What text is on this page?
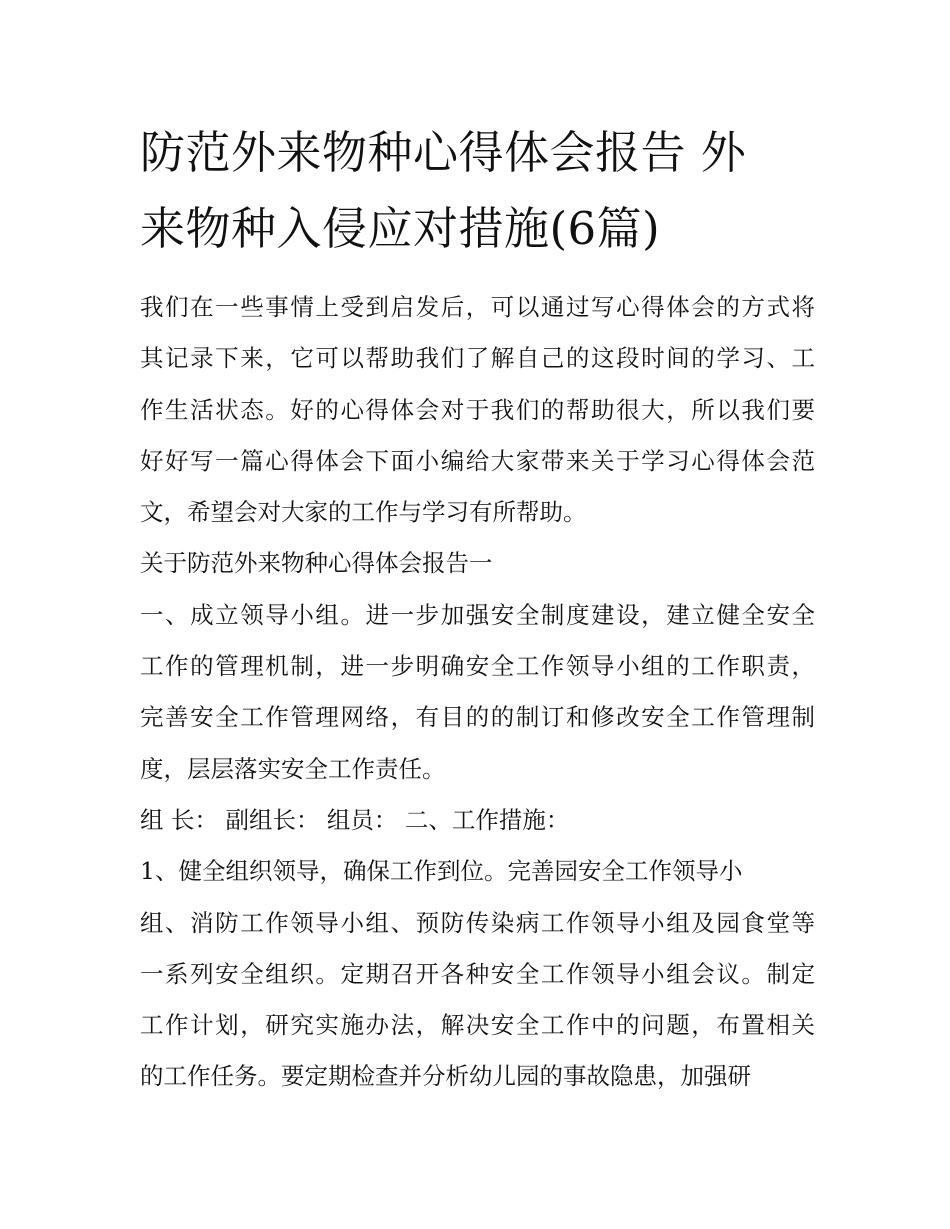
防范外来物种心得体会报告 外
来物种入侵应对措施(6篇)
我们在一些事情上受到启发后，可以通过写心得体会的方式将
其记录下来，它可以帮助我们了解自己的这段时间的学习、工
作生活状态。好的心得体会对于我们的帮助很大，所以我们要
好好写一篇心得体会下面小编给大家带来关于学习心得体会范
文，希望会对大家的工作与学习有所帮助。
关于防范外来物种心得体会报告一
一、成立领导小组。进一步加强安全制度建设，建立健全安全
工作的管理机制，进一步明确安全工作领导小组的工作职责，
完善安全工作管理网络，有目的的制订和修改安全工作管理制
度，层层落实安全工作责任。
组 长： 副组长： 组员： 二、工作措施：
1、健全组织领导，确保工作到位。完善园安全工作领导小
组、消防工作领导小组、预防传染病工作领导小组及园食堂等
一系列安全组织。定期召开各种安全工作领导小组会议。制定
工作计划，研究实施办法，解决安全工作中的问题，布置相关
的工作任务。要定期检查并分析幼儿园的事故隐患，加强研
